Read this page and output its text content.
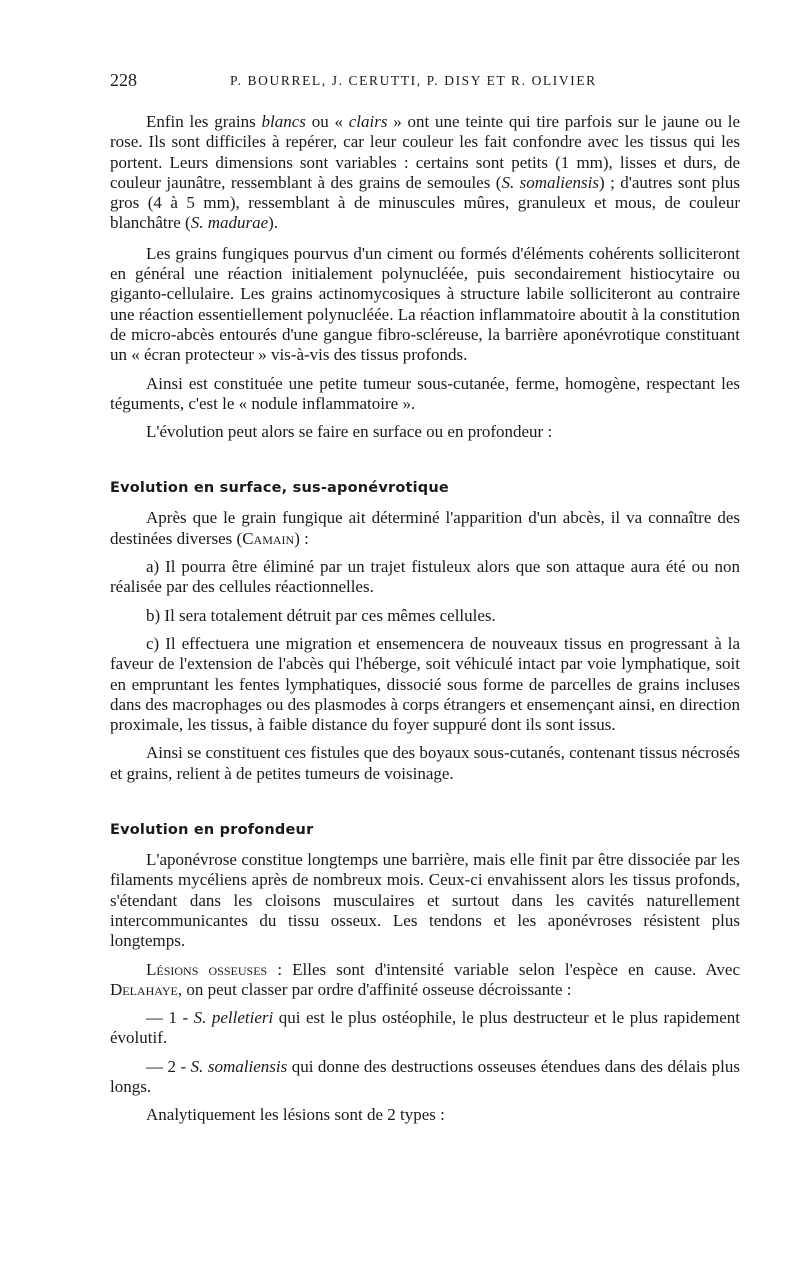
228	P. BOURREL, J. CERUTTI, P. DISY ET R. OLIVIER

Enfin les grains blancs ou « clairs » ont une teinte qui tire parfois sur le jaune ou le rose. Ils sont difficiles à repérer, car leur couleur les fait confondre avec les tissus qui les portent. Leurs dimensions sont variables : certains sont petits (1 mm), lisses et durs, de couleur jaunâtre, ressemblant à des grains de semoules (S. somaliensis) ; d'autres sont plus gros (4 à 5 mm), ressemblant à de minuscules mûres, granuleux et mous, de couleur blanchâtre (S. madurae).

Les grains fungiques pourvus d'un ciment ou formés d'éléments cohérents solliciteront en général une réaction initialement polynucléée, puis secondairement histiocytaire ou giganto-cellulaire. Les grains actinomycosiques à structure labile solliciteront au contraire une réaction essentiellement polynucléée. La réaction inflammatoire aboutit à la constitution de micro-abcès entourés d'une gangue fibro-scléreuse, la barrière aponévrotique constituant un « écran protecteur » vis-à-vis des tissus profonds.

Ainsi est constituée une petite tumeur sous-cutanée, ferme, homogène, respectant les téguments, c'est le « nodule inflammatoire ».

L'évolution peut alors se faire en surface ou en profondeur :

Evolution en surface, sus-aponévrotique

Après que le grain fungique ait déterminé l'apparition d'un abcès, il va connaître des destinées diverses (Camain) :

a) Il pourra être éliminé par un trajet fistuleux alors que son attaque aura été ou non réalisée par des cellules réactionnelles.

b) Il sera totalement détruit par ces mêmes cellules.

c) Il effectuera une migration et ensemencera de nouveaux tissus en progressant à la faveur de l'extension de l'abcès qui l'héberge, soit véhiculé intact par voie lymphatique, soit en empruntant les fentes lymphatiques, dissocié sous forme de parcelles de grains incluses dans des macrophages ou des plasmodes à corps étrangers et ensemençant ainsi, en direction proximale, les tissus, à faible distance du foyer suppuré dont ils sont issus.

Ainsi se constituent ces fistules que des boyaux sous-cutanés, contenant tissus nécrosés et grains, relient à de petites tumeurs de voisinage.

Evolution en profondeur

L'aponévrose constitue longtemps une barrière, mais elle finit par être dissociée par les filaments mycéliens après de nombreux mois. Ceux-ci envahissent alors les tissus profonds, s'étendant dans les cloisons musculaires et surtout dans les cavités naturellement intercommunicantes du tissu osseux. Les tendons et les aponévroses résistent plus longtemps.

Lésions osseuses : Elles sont d'intensité variable selon l'espèce en cause. Avec Delahaye, on peut classer par ordre d'affinité osseuse décroissante :

— 1 - S. pelletieri qui est le plus ostéophile, le plus destructeur et le plus rapidement évolutif.

— 2 - S. somaliensis qui donne des destructions osseuses étendues dans des délais plus longs.

Analytiquement les lésions sont de 2 types :
